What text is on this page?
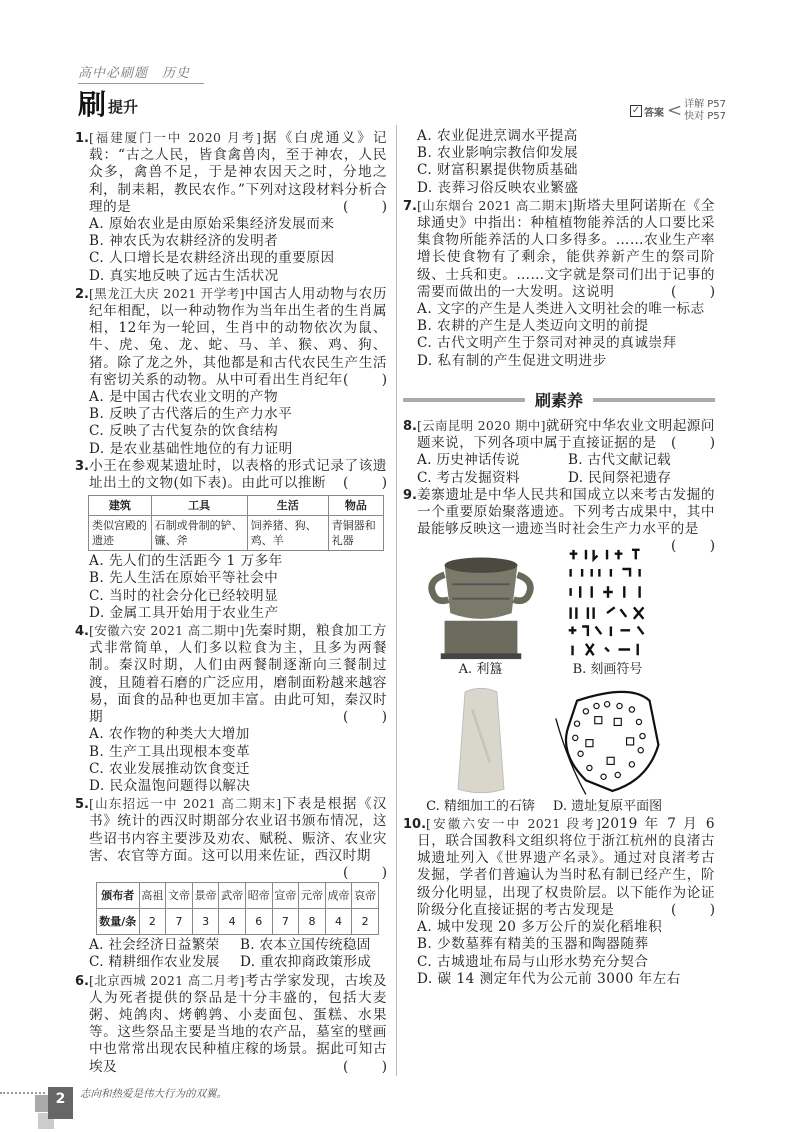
高中必刷题 历史
刷 提升	✓ 答案 < 详解 P57
快对 P57

1.[福建厦门一中 2020 月考]据《白虎通义》记载：“古之人民，皆食禽兽肉，至于神农，人民众多，禽兽不足，于是神农因天之时，分地之利，制耒耜，教民农作。”下列对这段材料分析合理的是	( )

A. 原始农业是由原始采集经济发展而来
B. 神农氏为农耕经济的发明者
C. 人口增长是农耕经济出现的重要原因
D. 真实地反映了远古生活状况

2.[黑龙江大庆 2021 开学考]中国古人用动物与农历纪年相配，以一种动物作为当年出生者的生肖属相，12年为一轮回，生肖中的动物依次为鼠、牛、虎、兔、龙、蛇、马、羊、猴、鸡、狗、猪。除了龙之外，其他都是和古代农民生产生活有密切关系的动物。从中可看出生肖纪年 ( )

A. 是中国古代农业文明的产物
B. 反映了古代落后的生产力水平
C. 反映了古代复杂的饮食结构
D. 是农业基础性地位的有力证明

3.小王在参观某遗址时，以表格的形式记录了该遗址出土的文物(如下表)。由此可以推断 ( )

建筑	工具	生活	物品
类似宫殿的遗迹	石制或骨制的铲、镰、斧	饲养猪、狗、鸡、羊	青铜器和礼器
A. 先人们的生活距今 1 万多年
B. 先人生活在原始平等社会中
C. 当时的社会分化已经较明显
D. 金属工具开始用于农业生产

4.[安徽六安 2021 高二期中]先秦时期，粮食加工方式非常简单，人们多以粒食为主，且多为两餐制。秦汉时期，人们由两餐制逐渐向三餐制过渡，且随着石磨的广泛应用，磨制面粉越来越容易，面食的品种也更加丰富。由此可知，秦汉时期	( )

A. 农作物的种类大大增加
B. 生产工具出现根本变革
C. 农业发展推动饮食变迁
D. 民众温饱问题得以解决

5.[山东招远一中 2021 高二期末]下表是根据《汉书》统计的西汉时期部分农业诏书颁布情况，这些诏书内容主要涉及劝农、赋税、赈济、农业灾害、农官等方面。这可以用来佐证，西汉时期
( )

颁布者	高祖	文帝	景帝	武帝	昭帝	宣帝	元帝	成帝	哀帝
数量/条	2	7	3	4	6	7	8	4	2
A. 社会经济日益繁荣	B. 农本立国传统稳固
C. 精耕细作农业发展	D. 重农抑商政策形成

6.[北京西城 2021 高二月考]考古学家发现，古埃及人为死者提供的祭品是十分丰盛的，包括大麦粥、炖鸽肉、烤鹌鹑、小麦面包、蛋糕、水果等。这些祭品主要是当地的农产品，墓室的壁画中也常常出现农民种植庄稼的场景。据此可知古埃及	( )

A. 农业促进烹调水平提高
B. 农业影响宗教信仰发展
C. 财富积累提供物质基础
D. 丧葬习俗反映农业繁盛

7.[山东烟台 2021 高二期末]斯塔夫里阿诺斯在《全球通史》中指出：种植植物能养活的人口要比采集食物所能养活的人口多得多。……农业生产率增长使食物有了剩余，能供养新产生的祭司阶级、士兵和吏。……文字就是祭司们出于记事的需要而做出的一大发明。这说明	( )

A. 文字的产生是人类进入文明社会的唯一标志
B. 农耕的产生是人类迈向文明的前提
C. 古代文明产生于祭司对神灵的真诚崇拜
D. 私有制的产生促进文明进步
刷素养

8.[云南昆明 2020 期中]就研究中华农业文明起源问题来说，下列各项中属于直接证据的是 ( )

A. 历史神话传说	B. 古代文献记载
C. 考古发掘资料	D. 民间祭祀遗存

9.姜寨遗址是中华人民共和国成立以来考古发掘的一个重要原始聚落遗迹。下列考古成果中，其中最能够反映这一遗迹当时社会生产力水平的是
( )

A. 利簋	B. 刻画符号
C. 精细加工的石锛 D. 遗址复原平面图

10.[安徽六安一中 2021 段考]2019 年 7 月 6 日，联合国教科文组织将位于浙江杭州的良渚古城遗址列入《世界遗产名录》。通过对良渚考古发掘，学者们普遍认为当时私有制已经产生，阶级分化明显，出现了权贵阶层。以下能作为论证阶级分化直接证据的考古发现是	( )

A. 城中发现 20 多万公斤的炭化稻堆积
B. 少数墓葬有精美的玉器和陶器随葬
C. 古城遗址布局与山形水势充分契合
D. 碳 14 测定年代为公元前 3000 年左右
2	志向和热爱是伟大行为的双翼。
